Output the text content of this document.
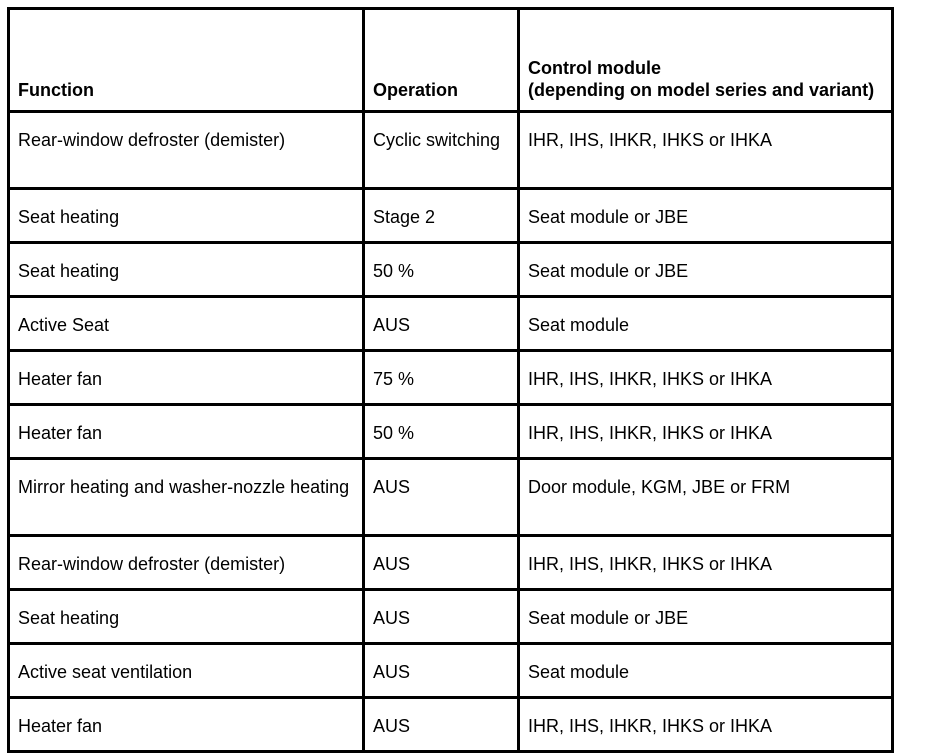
Function	Operation	Control module
(depending on model series and variant)

Rear-window defroster (demister)	Cyclic switching	IHR, IHS, IHKR, IHKS or IHKA
Seat heating	Stage 2	Seat module or JBE
Seat heating	50 %	Seat module or JBE
Active Seat	AUS	Seat module
Heater fan	75 %	IHR, IHS, IHKR, IHKS or IHKA
Heater fan	50 %	IHR, IHS, IHKR, IHKS or IHKA
Mirror heating and washer-nozzle heating	AUS	Door module, KGM, JBE or FRM
Rear-window defroster (demister)	AUS	IHR, IHS, IHKR, IHKS or IHKA
Seat heating	AUS	Seat module or JBE
Active seat ventilation	AUS	Seat module
Heater fan	AUS	IHR, IHS, IHKR, IHKS or IHKA
